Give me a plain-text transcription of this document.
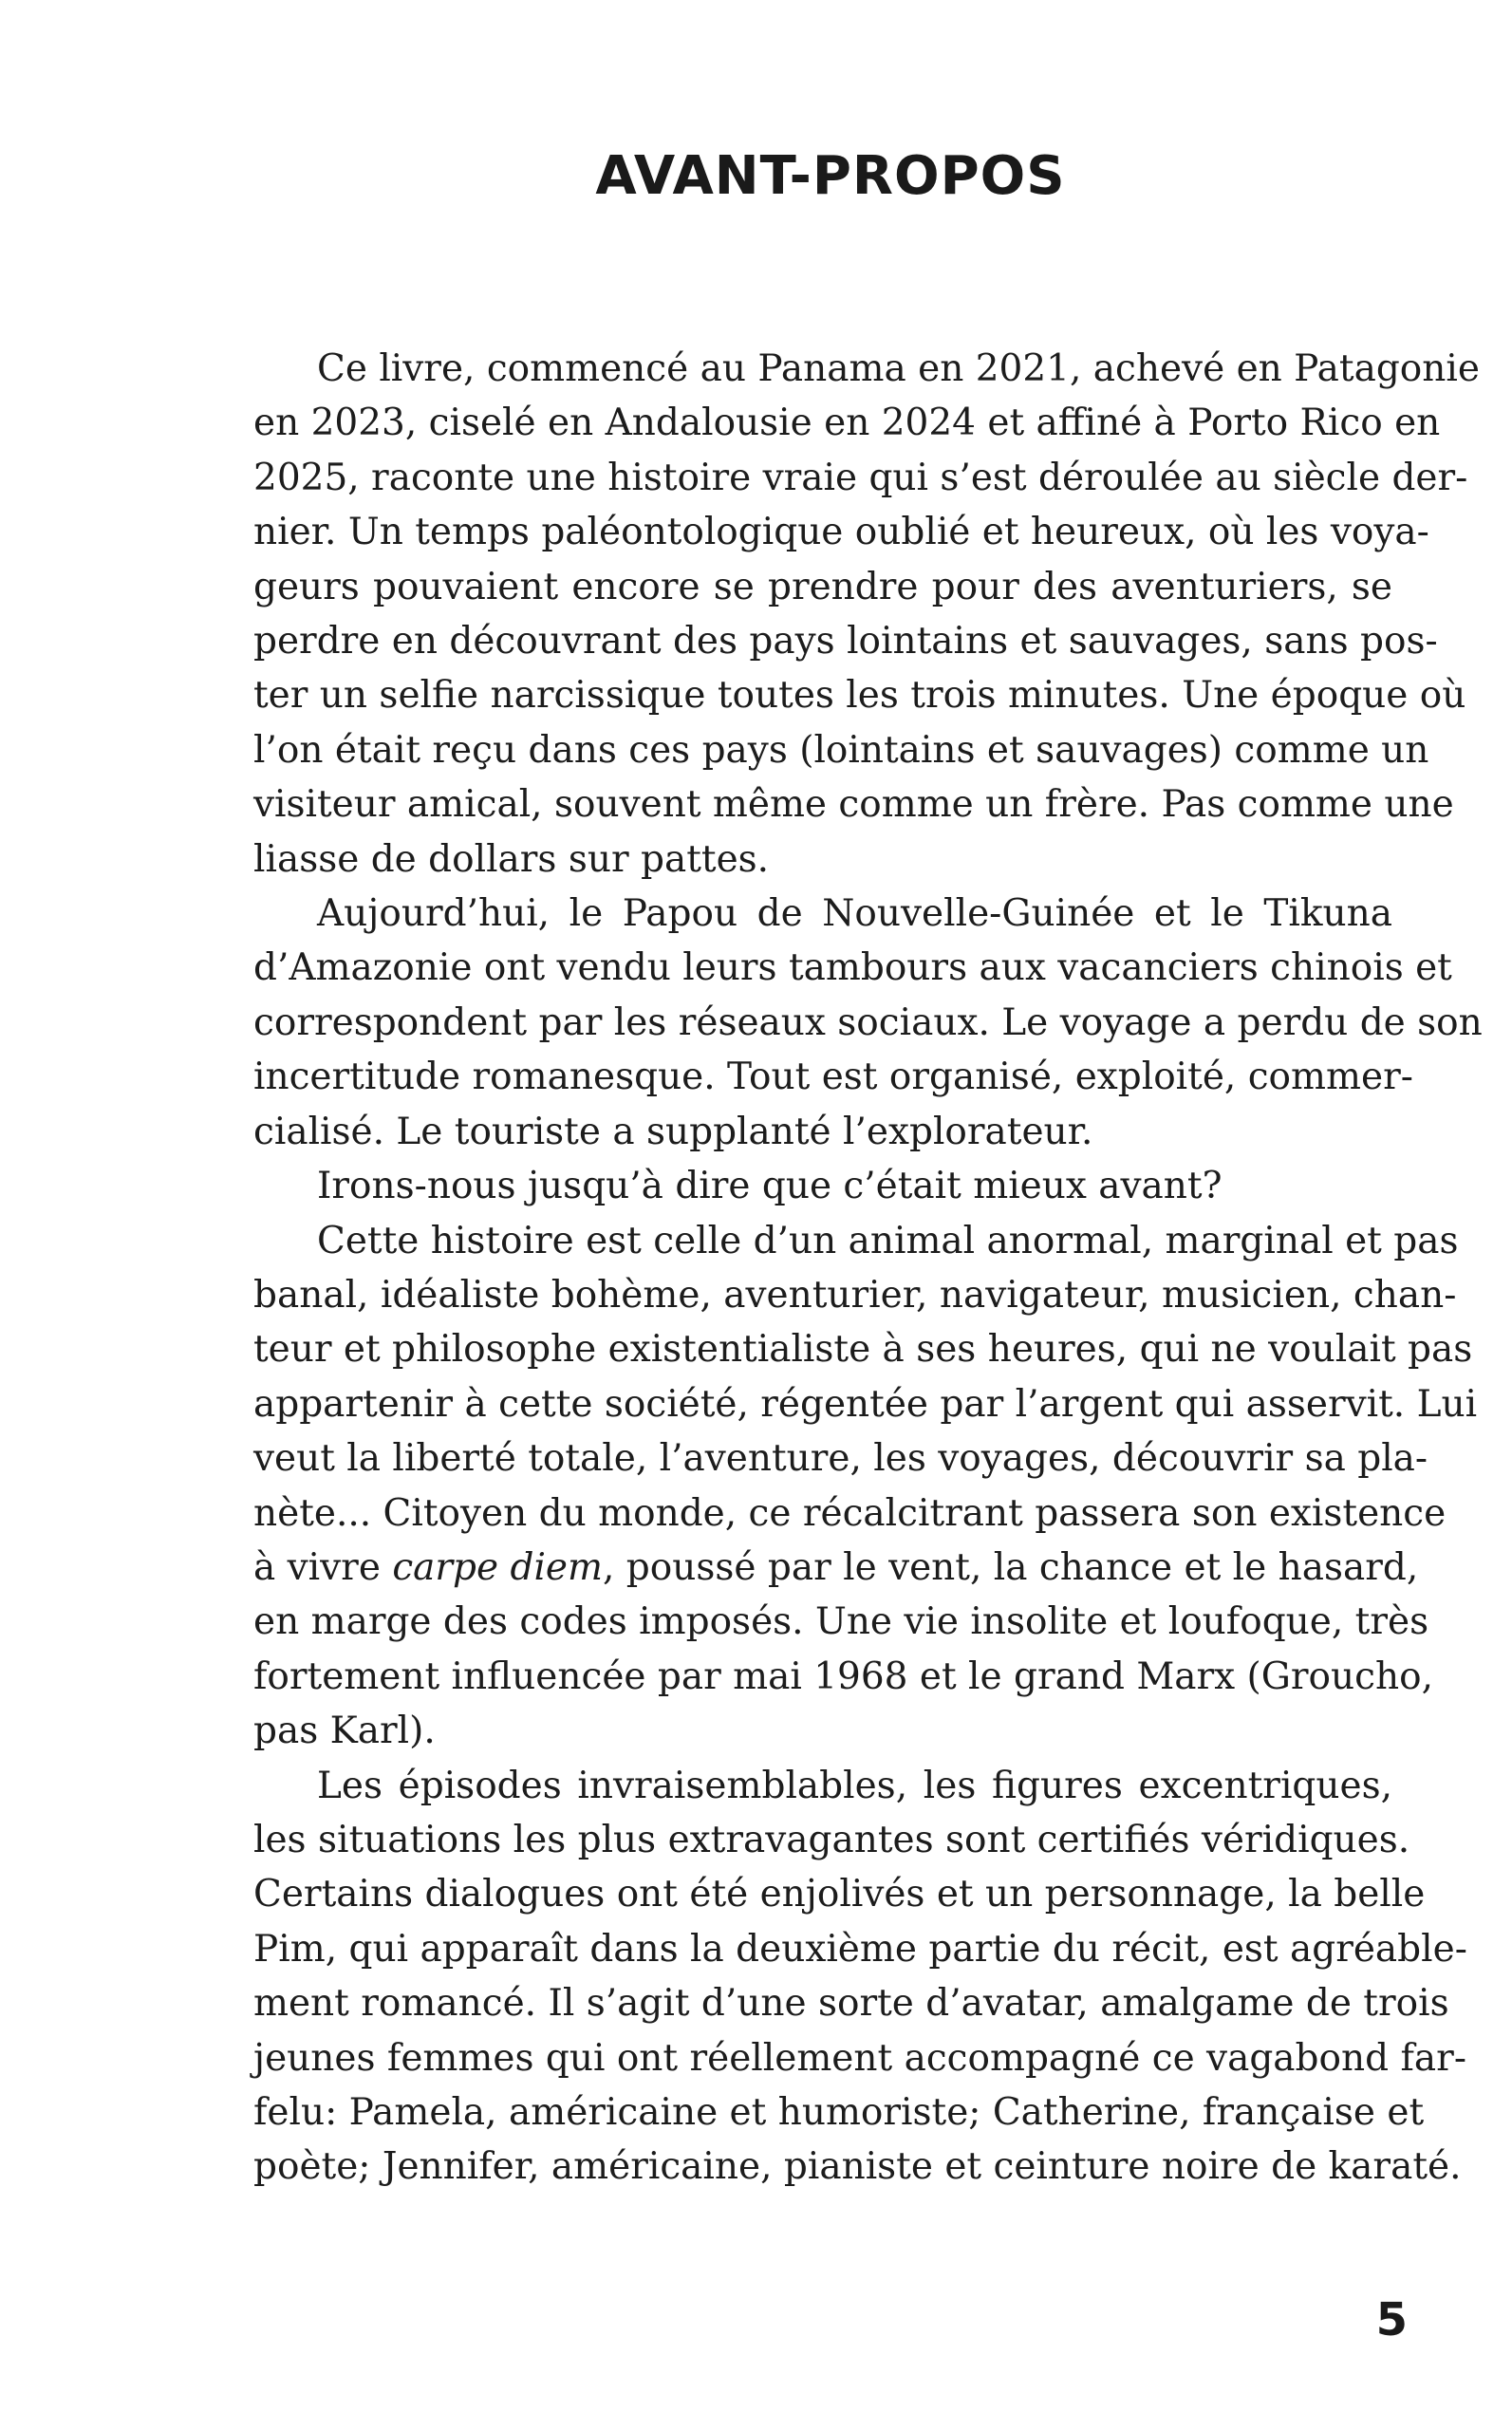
AVANT-PROPOS
Ce livre, commencé au Panama en 2021, achevé en Patagonie
en 2023, ciselé en Andalousie en 2024 et affiné à Porto Rico en
2025, raconte une histoire vraie qui s’est déroulée au siècle der-
nier. Un temps paléontologique oublié et heureux, où les voya-
geurs pouvaient encore se prendre pour des aventuriers, se
perdre en découvrant des pays lointains et sauvages, sans pos-
ter un selfie narcissique toutes les trois minutes. Une époque où
l’on était reçu dans ces pays (lointains et sauvages) comme un
visiteur amical, souvent même comme un frère. Pas comme une
liasse de dollars sur pattes.
Aujourd’hui, le Papou de Nouvelle-Guinée et le Tikuna
d’Amazonie ont vendu leurs tambours aux vacanciers chinois et
correspondent par les réseaux sociaux. Le voyage a perdu de son
incertitude romanesque. Tout est organisé, exploité, commer-
cialisé. Le touriste a supplanté l’explorateur.
Irons-nous jusqu’à dire que c’était mieux avant?
Cette histoire est celle d’un animal anormal, marginal et pas
banal, idéaliste bohème, aventurier, navigateur, musicien, chan-
teur et philosophe existentialiste à ses heures, qui ne voulait pas
appartenir à cette société, régentée par l’argent qui asservit. Lui
veut la liberté totale, l’aventure, les voyages, découvrir sa pla-
nète... Citoyen du monde, ce récalcitrant passera son existence
à vivre carpe diem, poussé par le vent, la chance et le hasard,
en marge des codes imposés. Une vie insolite et loufoque, très
fortement influencée par mai 1968 et le grand Marx (Groucho,
pas Karl).
Les épisodes invraisemblables, les figures excentriques,
les situations les plus extravagantes sont certifiés véridiques.
Certains dialogues ont été enjolivés et un personnage, la belle
Pim, qui apparaît dans la deuxième partie du récit, est agréable-
ment romancé. Il s’agit d’une sorte d’avatar, amalgame de trois
jeunes femmes qui ont réellement accompagné ce vagabond far-
felu: Pamela, américaine et humoriste; Catherine, française et
poète; Jennifer, américaine, pianiste et ceinture noire de karaté.
5
